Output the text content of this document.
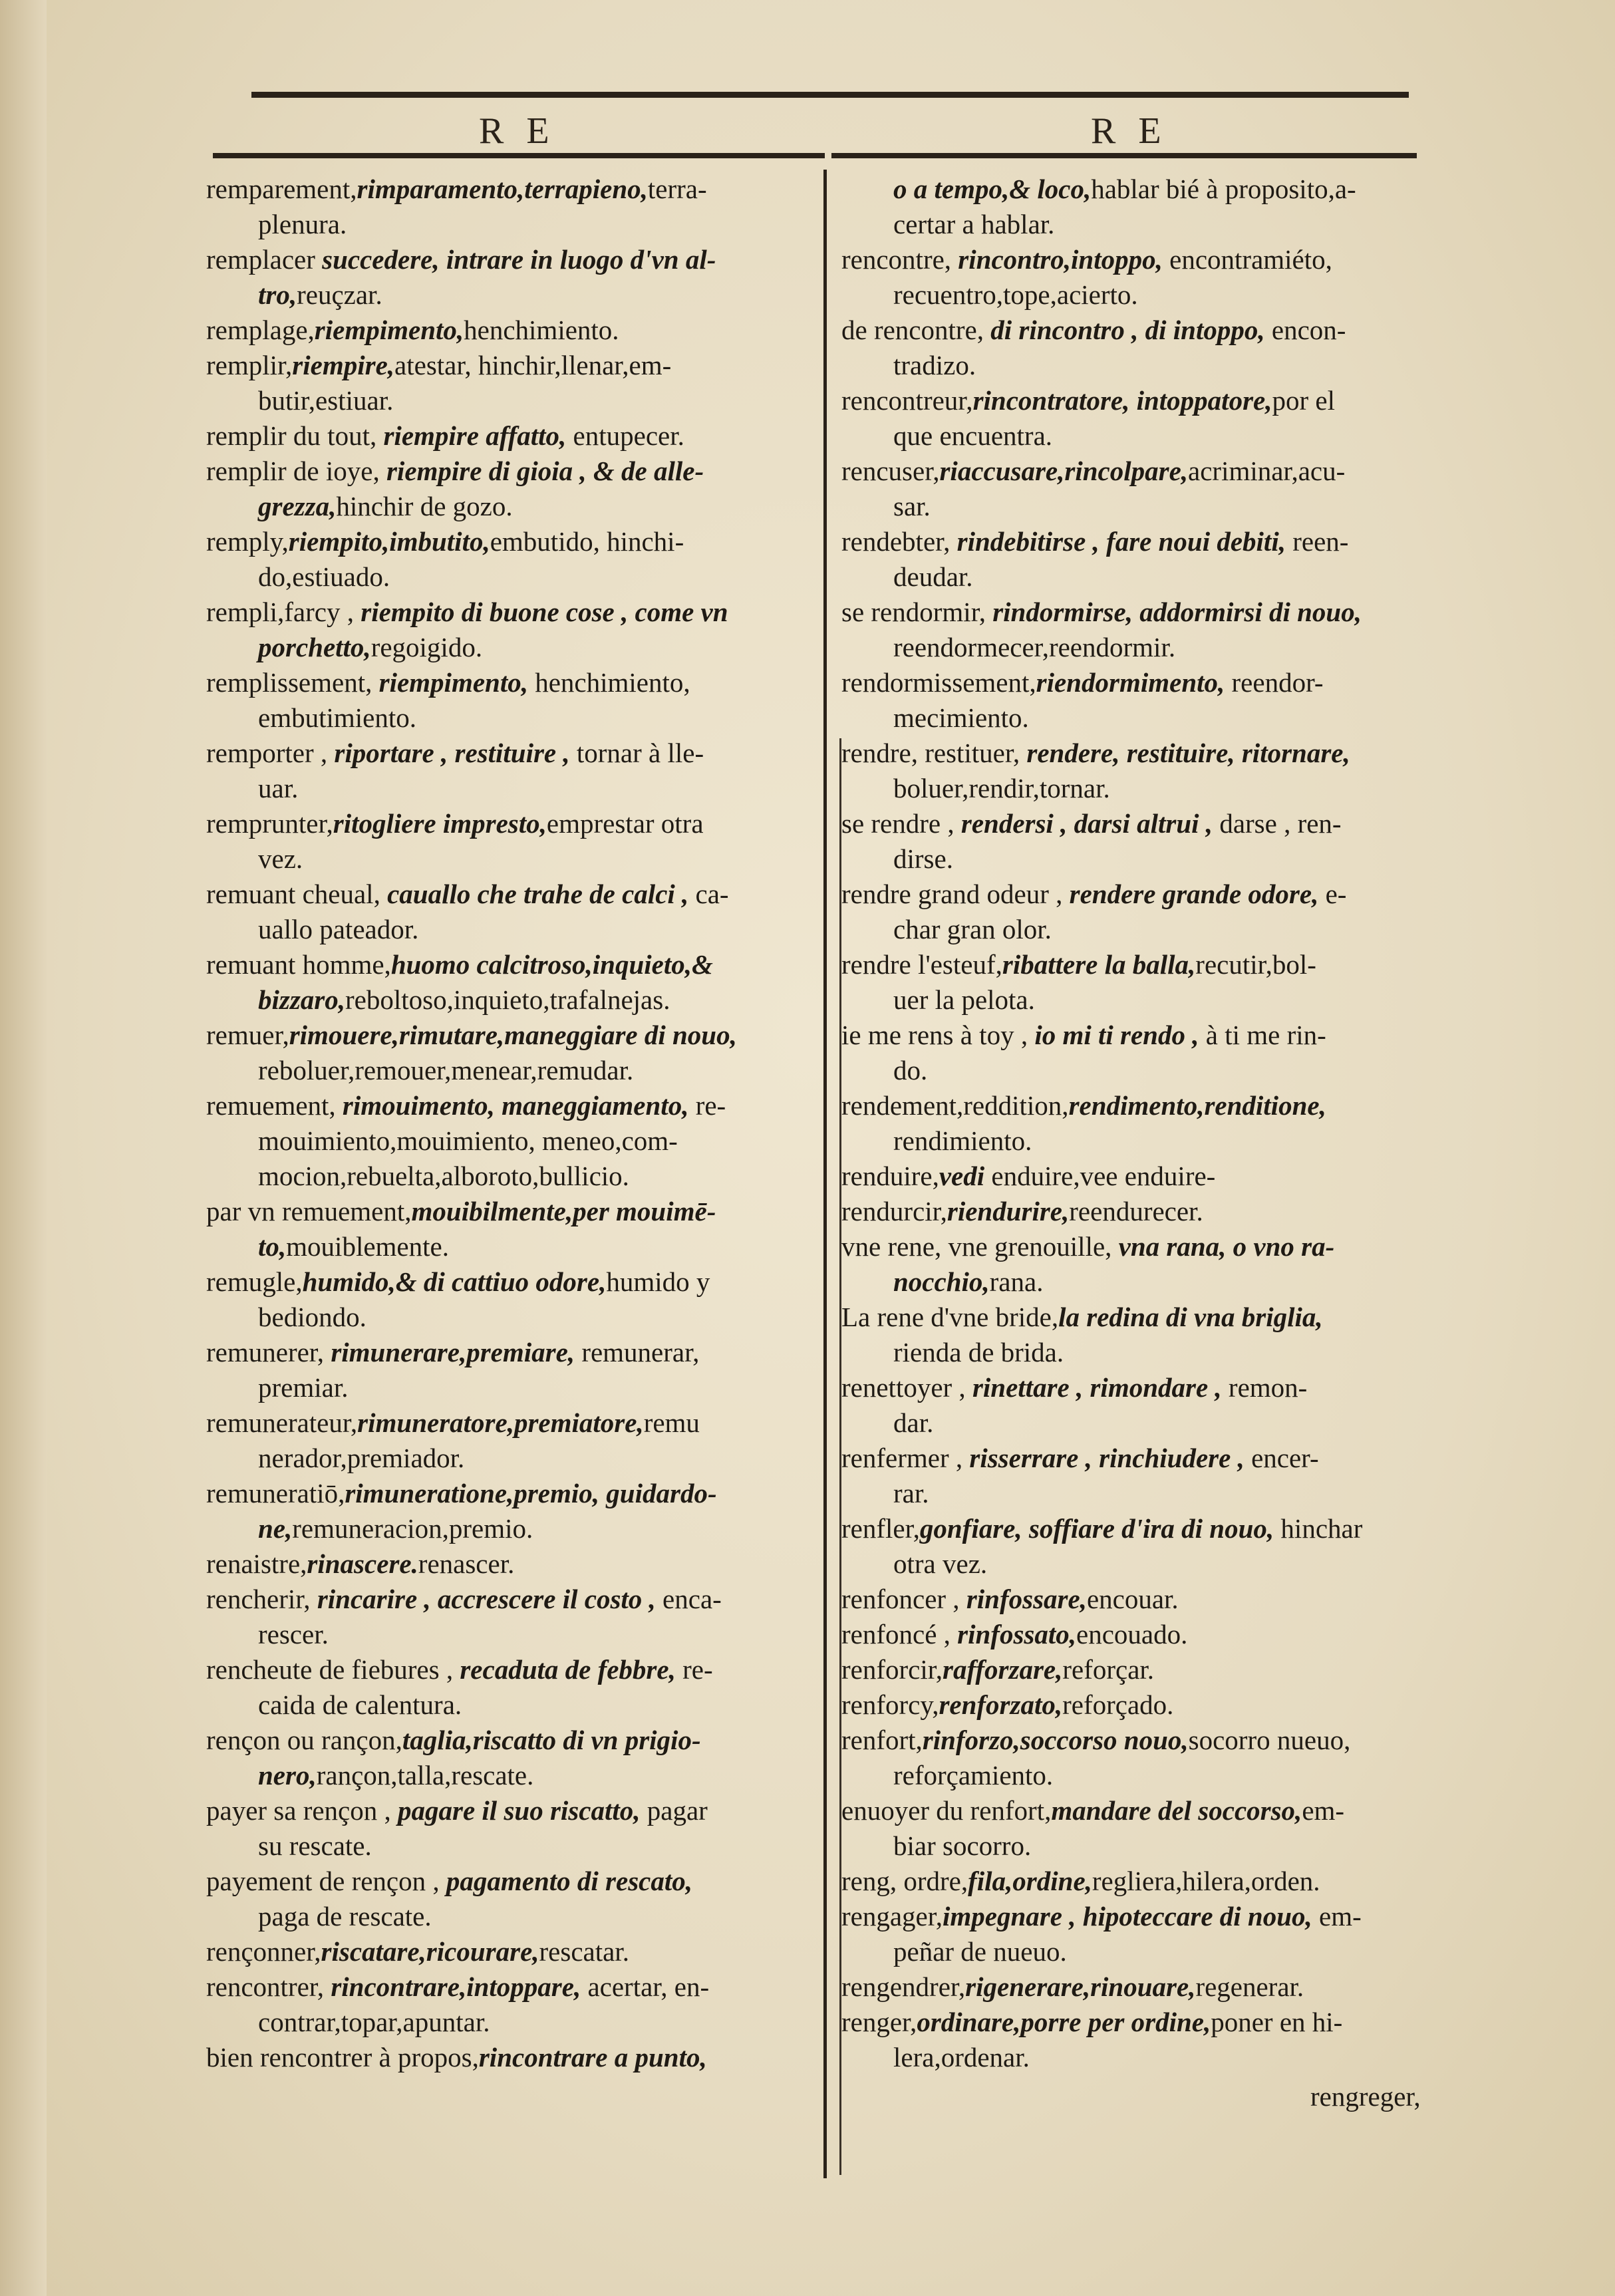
R E	R E

remparement,rimparamento,terrapieno,terra-

plenura.

remplacer succedere, intrare in luogo d'vn al-

tro,reuçzar.

remplage,riempimento,henchimiento.

remplir,riempire,atestar, hinchir,llenar,em-

butir,estiuar.

remplir du tout, riempire affatto, entupecer.

remplir de ioye, riempire di gioia , & de alle-

grezza,hinchir de gozo.

remply,riempito,imbutito,embutido, hinchi-

do,estiuado.

rempli,farcy , riempito di buone cose , come vn

porchetto,regoigido.

remplissement, riempimento, henchimiento,

embutimiento.

remporter , riportare , restituire , tornar à lle-

uar.

remprunter,ritogliere impresto,emprestar otra

vez.

remuant cheual, cauallo che trahe de calci , ca-

uallo pateador.

remuant homme,huomo calcitroso,inquieto,&

bizzaro,reboltoso,inquieto,trafalnejas.

remuer,rimouere,rimutare,maneggiare di nouo,

reboluer,remouer,menear,remudar.

remuement, rimouimento, maneggiamento, re-

mouimiento,mouimiento, meneo,com-

mocion,rebuelta,alboroto,bullicio.

par vn remuement,mouibilmente,per mouimē-

to,mouiblemente.

remugle,humido,& di cattiuo odore,humido y

bediondo.

remunerer, rimunerare,premiare, remunerar,

premiar.

remunerateur,rimuneratore,premiatore,remu

nerador,premiador.

remuneratiō,rimuneratione,premio, guidardo-

ne,remuneracion,premio.

renaistre,rinascere.renascer.

rencherir, rincarire , accrescere il costo , enca-

rescer.

rencheute de fiebures , recaduta de febbre, re-

caida de calentura.

rençon ou rançon,taglia,riscatto di vn prigio-

nero,rançon,talla,rescate.

payer sa rençon , pagare il suo riscatto, pagar

su rescate.

payement de rençon , pagamento di rescato,

paga de rescate.

rençonner,riscatare,ricourare,rescatar.

rencontrer, rincontrare,intoppare, acertar, en-

contrar,topar,apuntar.

bien rencontrer à propos,rincontrare a punto,

o a tempo,& loco,hablar bié à proposito,a-

certar a hablar.

rencontre, rincontro,intoppo, encontramiéto,

recuentro,tope,acierto.

de rencontre, di rincontro , di intoppo, encon-

tradizo.

rencontreur,rincontratore, intoppatore,por el

que encuentra.

rencuser,riaccusare,rincolpare,acriminar,acu-

sar.

rendebter, rindebitirse , fare noui debiti, reen-

deudar.

se rendormir, rindormirse, addormirsi di nouo,

reendormecer,reendormir.

rendormissement,riendormimento, reendor-

mecimiento.

rendre, restituer, rendere, restituire, ritornare,

boluer,rendir,tornar.

se rendre , rendersi , darsi altrui , darse , ren-

dirse.

rendre grand odeur , rendere grande odore, e-

char gran olor.

rendre l'esteuf,ribattere la balla,recutir,bol-

uer la pelota.

ie me rens à toy , io mi ti rendo , à ti me rin-

do.

rendement,reddition,rendimento,renditione,

rendimiento.

renduire,vedi enduire,vee enduire-

rendurcir,riendurire,reendurecer.

vne rene, vne grenouille, vna rana, o vno ra-

nocchio,rana.

La rene d'vne bride,la redina di vna briglia,

rienda de brida.

renettoyer , rinettare , rimondare , remon-

dar.

renfermer , risserrare , rinchiudere , encer-

rar.

renfler,gonfiare, soffiare d'ira di nouo, hinchar

otra vez.

renfoncer , rinfossare,encouar.

renfoncé , rinfossato,encouado.

renforcir,rafforzare,reforçar.

renforcy,renforzato,reforçado.

renfort,rinforzo,soccorso nouo,socorro nueuo,

reforçamiento.

enuoyer du renfort,mandare del soccorso,em-

biar socorro.

reng, ordre,fila,ordine,regliera,hilera,orden.

rengager,impegnare , hipoteccare di nouo, em-

peñar de nueuo.

rengendrer,rigenerare,rinouare,regenerar.

renger,ordinare,porre per ordine,poner en hi-

lera,ordenar.

rengreger,
